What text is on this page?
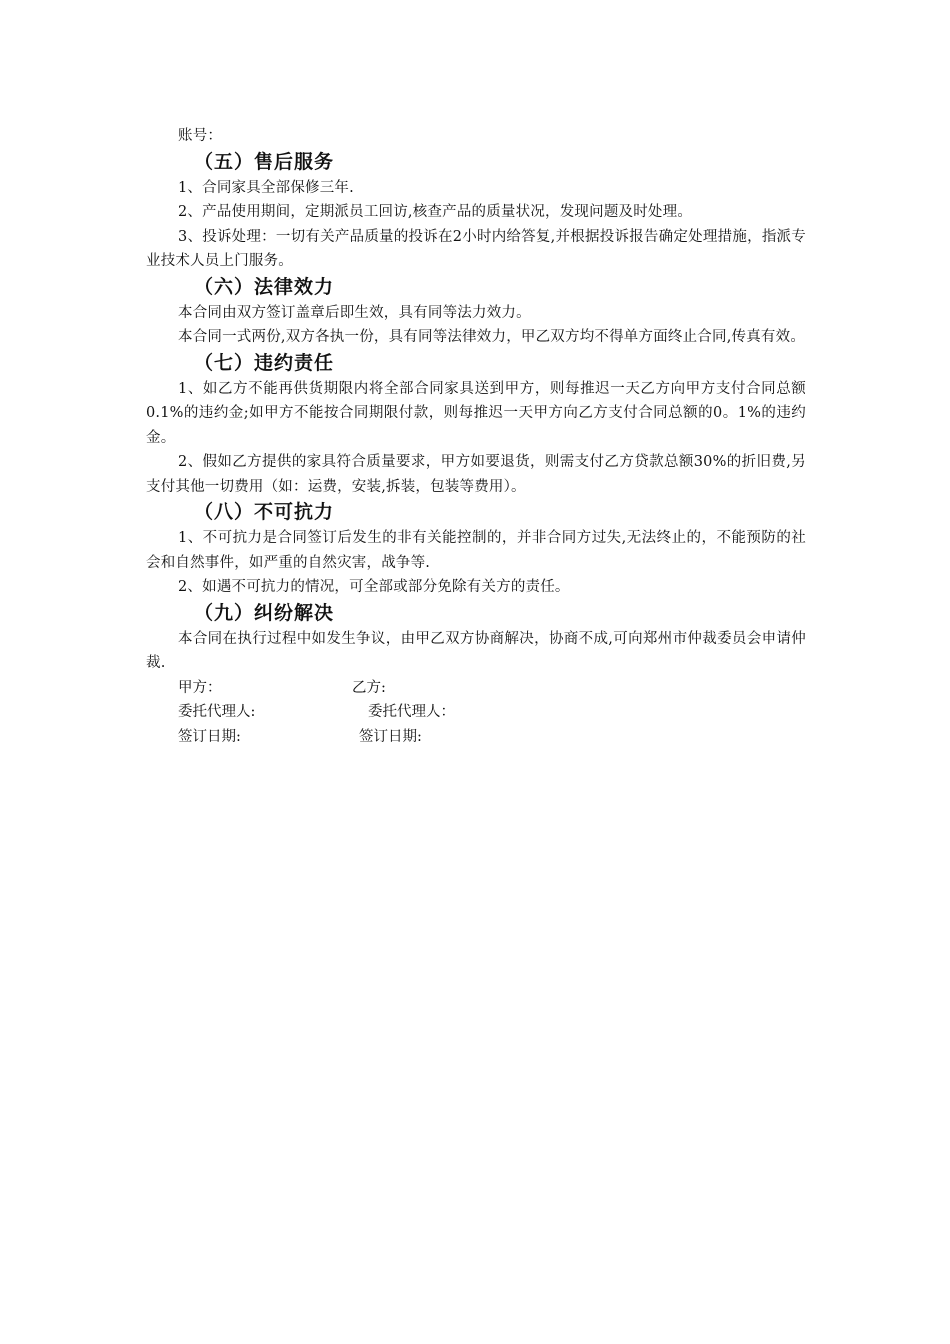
账号：

（五）售后服务

1、合同家具全部保修三年.

2、产品使用期间，定期派员工回访,核查产品的质量状况，发现问题及时处理。

3、投诉处理：一切有关产品质量的投诉在2小时内给答复,并根据投诉报告确定处理措施，指派专业技术人员上门服务。

（六）法律效力

本合同由双方签订盖章后即生效，具有同等法力效力。

本合同一式两份,双方各执一份，具有同等法律效力，甲乙双方均不得单方面终止合同,传真有效。

（七）违约责任

1、如乙方不能再供货期限内将全部合同家具送到甲方，则每推迟一天乙方向甲方支付合同总额0.1%的违约金;如甲方不能按合同期限付款，则每推迟一天甲方向乙方支付合同总额的0。1%的违约金。

2、假如乙方提供的家具符合质量要求，甲方如要退货，则需支付乙方贷款总额30%的折旧费,另支付其他一切费用（如：运费，安装,拆装，包装等费用）。

（八）不可抗力

1、不可抗力是合同签订后发生的非有关能控制的，并非合同方过失,无法终止的，不能预防的社会和自然事件，如严重的自然灾害，战争等.

2、如遇不可抗力的情况，可全部或部分免除有关方的责任。

（九）纠纷解决

本合同在执行过程中如发生争议，由甲乙双方协商解决，协商不成,可向郑州市仲裁委员会申请仲裁.

甲方：	乙方:
委托代理人:	委托代理人：
签订日期:	签订日期:
